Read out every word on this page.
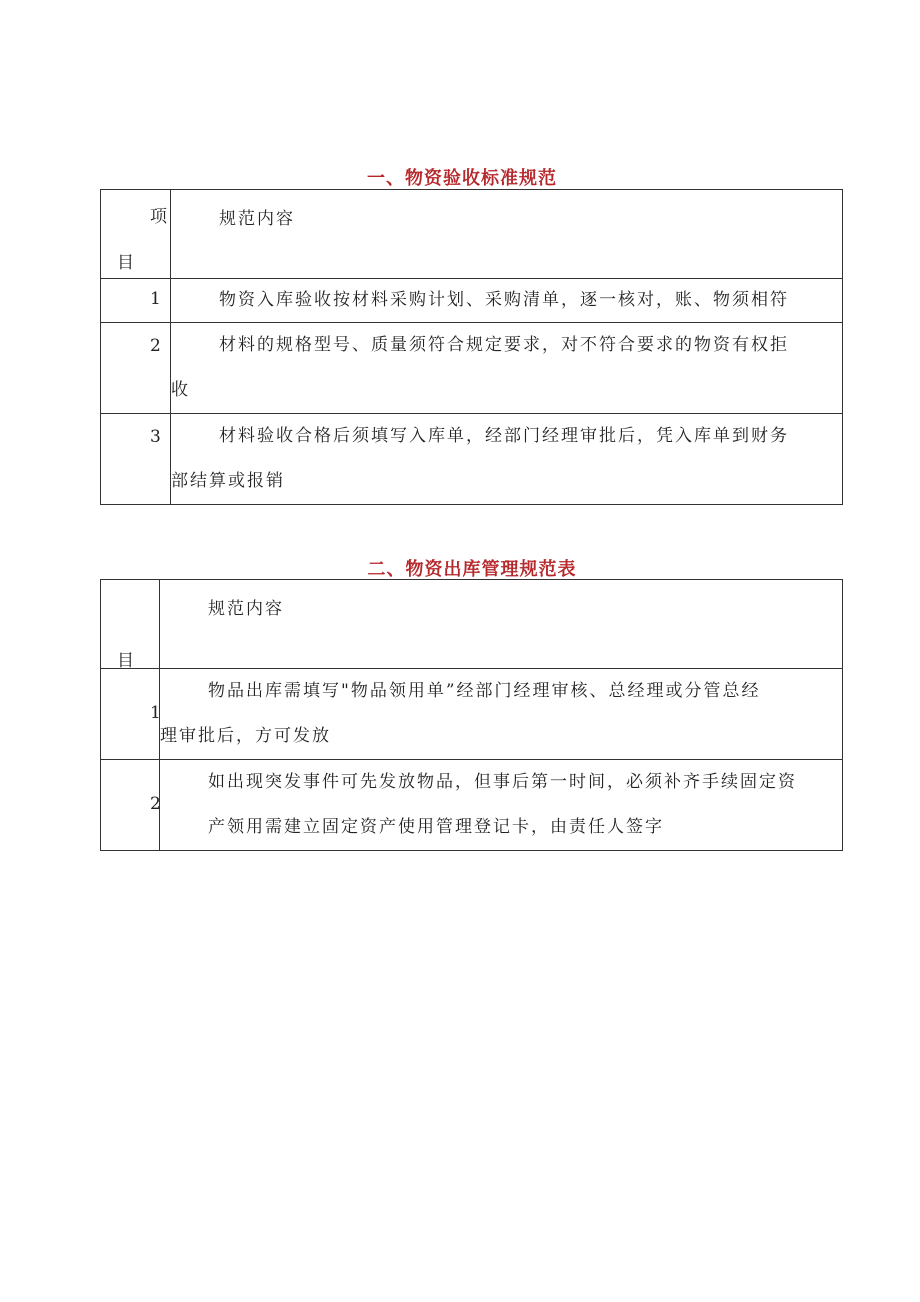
一、物资验收标准规范
项
目	规范内容

1	物资入库验收按材料采购计划、采购清单，逐一核对，账、物须相符

2	材料的规格型号、质量须符合规定要求，对不符合要求的物资有权拒
收

3	材料验收合格后须填写入库单，经部门经理审批后，凭入库单到财务
部结算或报销
二、物资出库管理规范表
目	规范内容

1	物品出库需填写"物品领用单”经部门经理审核、总经理或分管总经
理审批后，方可发放

2	如出现突发事件可先发放物品，但事后第一时间，必须补齐手续固定资
产领用需建立固定资产使用管理登记卡，由责任人签字
